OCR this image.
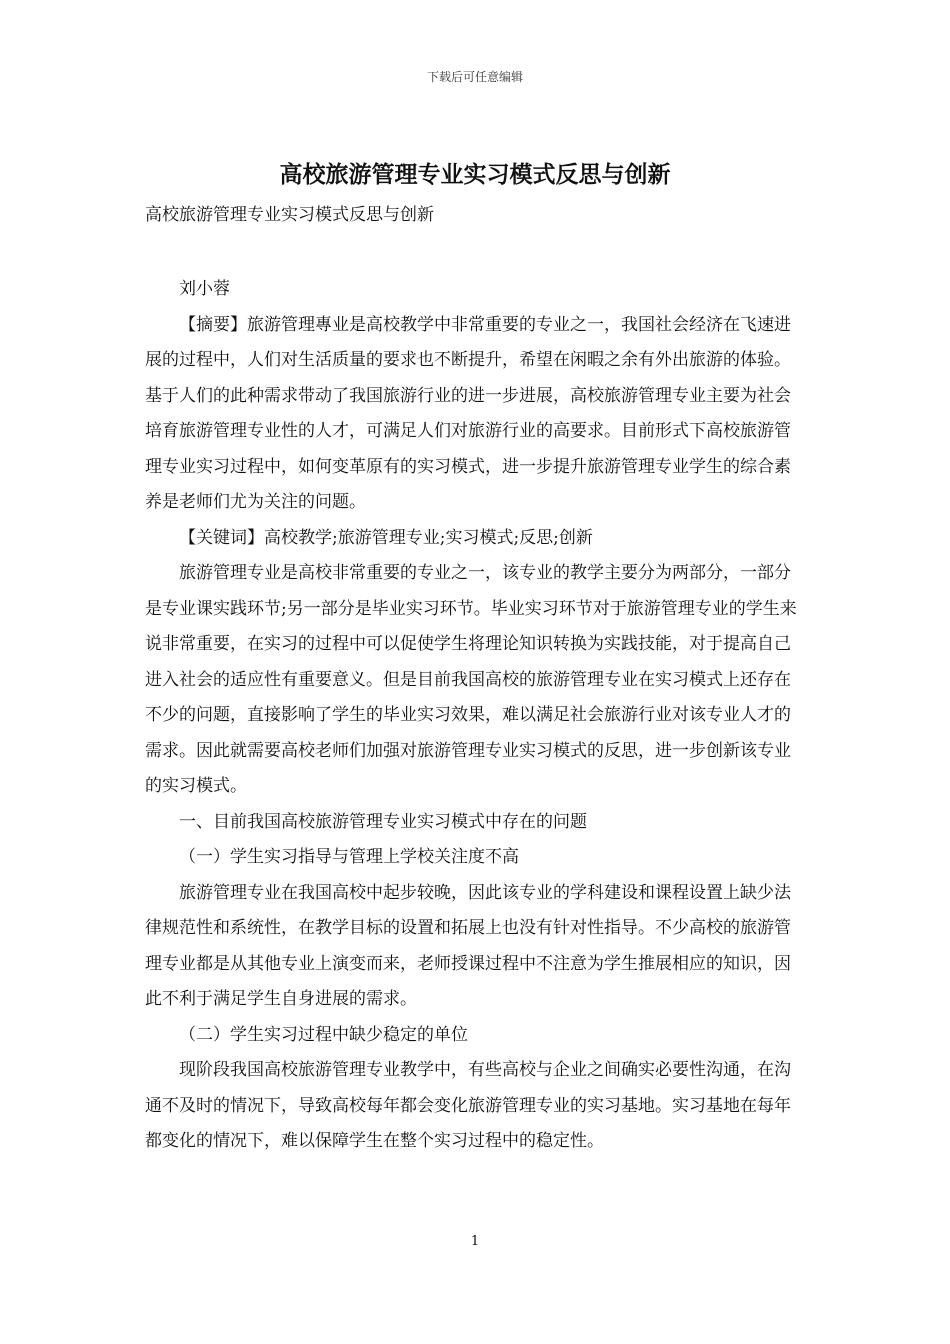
下载后可任意编辑
高校旅游管理专业实习模式反思与创新
高校旅游管理专业实习模式反思与创新

刘小蓉

【摘要】旅游管理專业是高校教学中非常重要的专业之一，我国社会经济在飞速进展的过程中，人们对生活质量的要求也不断提升，希望在闲暇之余有外出旅游的体验。基于人们的此种需求带动了我国旅游行业的进一步进展，高校旅游管理专业主要为社会培育旅游管理专业性的人才，可满足人们对旅游行业的高要求。目前形式下高校旅游管理专业实习过程中，如何变革原有的实习模式，进一步提升旅游管理专业学生的综合素养是老师们尤为关注的问题。

【关键词】高校教学;旅游管理专业;实习模式;反思;创新

旅游管理专业是高校非常重要的专业之一，该专业的教学主要分为两部分，一部分是专业课实践环节;另一部分是毕业实习环节。毕业实习环节对于旅游管理专业的学生来说非常重要，在实习的过程中可以促使学生将理论知识转换为实践技能，对于提高自己进入社会的适应性有重要意义。但是目前我国高校的旅游管理专业在实习模式上还存在不少的问题，直接影响了学生的毕业实习效果，难以满足社会旅游行业对该专业人才的需求。因此就需要高校老师们加强对旅游管理专业实习模式的反思，进一步创新该专业的实习模式。

一、目前我国高校旅游管理专业实习模式中存在的问题

（一）学生实习指导与管理上学校关注度不高

旅游管理专业在我国高校中起步较晚，因此该专业的学科建设和课程设置上缺少法律规范性和系统性，在教学目标的设置和拓展上也没有针对性指导。不少高校的旅游管理专业都是从其他专业上演变而来，老师授课过程中不注意为学生推展相应的知识，因此不利于满足学生自身进展的需求。

（二）学生实习过程中缺少稳定的单位

现阶段我国高校旅游管理专业教学中，有些高校与企业之间确实必要性沟通，在沟通不及时的情况下，导致高校每年都会变化旅游管理专业的实习基地。实习基地在每年都变化的情况下，难以保障学生在整个实习过程中的稳定性。

1
